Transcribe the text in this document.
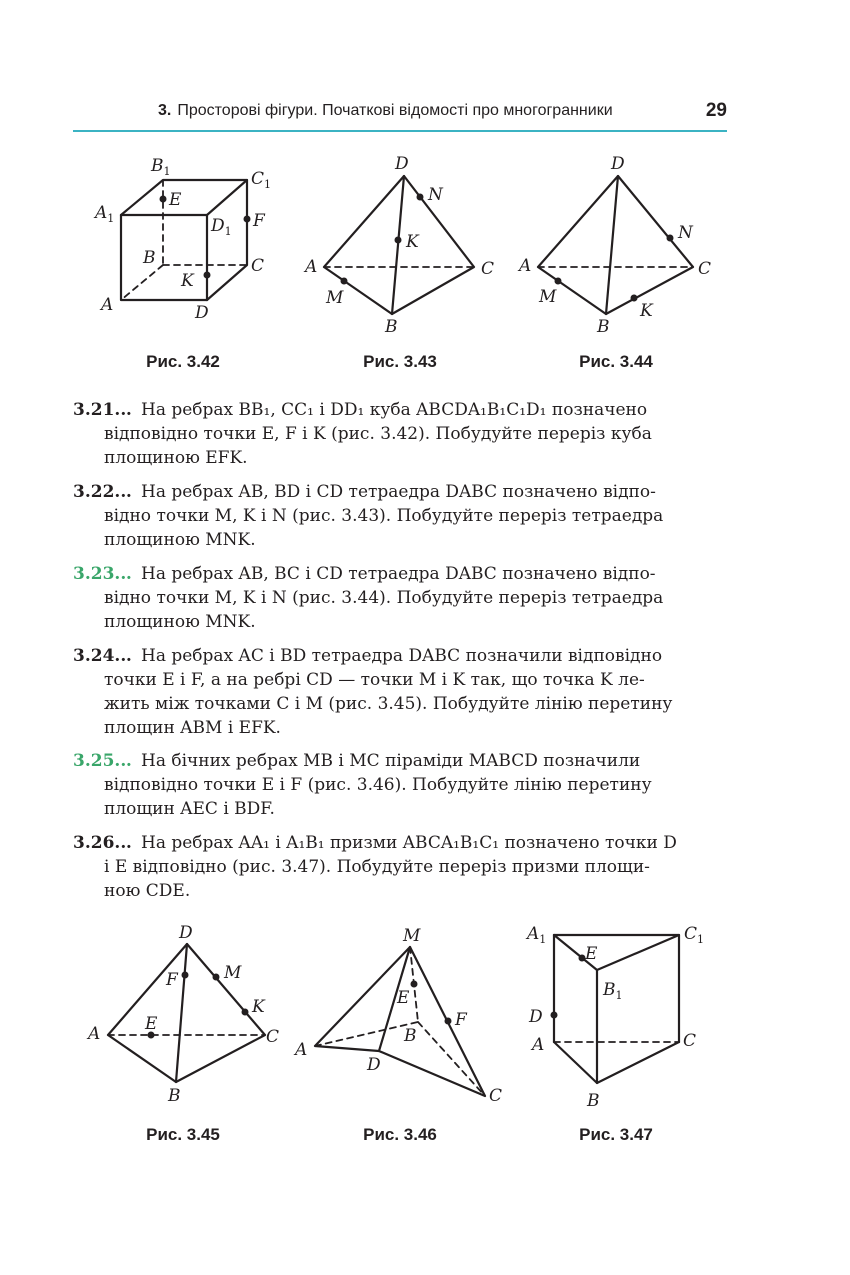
3. Просторові фігури. Початкові відомості про многогранники	29
$B_1$	$C_1$
$A_1$	$D_1$
E
F
B	C
K
A	D
Рис. 3.42
D
N
K
A	C
M
B
Рис. 3.43
D
N
A	C
M
K
B
Рис. 3.44
3.21.‥ На ребрах BB₁, CC₁ і DD₁ куба ABCDA₁B₁C₁D₁ позначено
відповідно точки E, F і K (рис. 3.42). Побудуйте переріз куба
площиною EFK.
3.22.‥ На ребрах AB, BD і CD тетраедра DABC позначено відпо-
відно точки M, K і N (рис. 3.43). Побудуйте переріз тетраедра
площиною MNK.
3.23.‥ На ребрах AB, BC і CD тетраедра DABC позначено відпо-
відно точки M, K і N (рис. 3.44). Побудуйте переріз тетраедра
площиною MNK.
3.24.‥ На ребрах AC і BD тетраедра DABC позначили відповідно
точки E і F, а на ребрі CD — точки M і K так, що точка K ле-
жить між точками C і M (рис. 3.45). Побудуйте лінію перетину
площин ABM і EFK.
3.25.‥ На бічних ребрах MB і MC піраміди MABCD позначили
відповідно точки E і F (рис. 3.46). Побудуйте лінію перетину
площин AEC і BDF.
3.26.‥ На ребрах AA₁ і A₁B₁ призми ABCA₁B₁C₁ позначено точки D
і E відповідно (рис. 3.47). Побудуйте переріз призми площи-
ною CDE.
D
F	M
K
E
A	C
B
Рис. 3.45
M
E
F
B
A
D
C
Рис. 3.46
$A_1$	$C_1$
E
$B_1$
D
A	C
B
Рис. 3.47
